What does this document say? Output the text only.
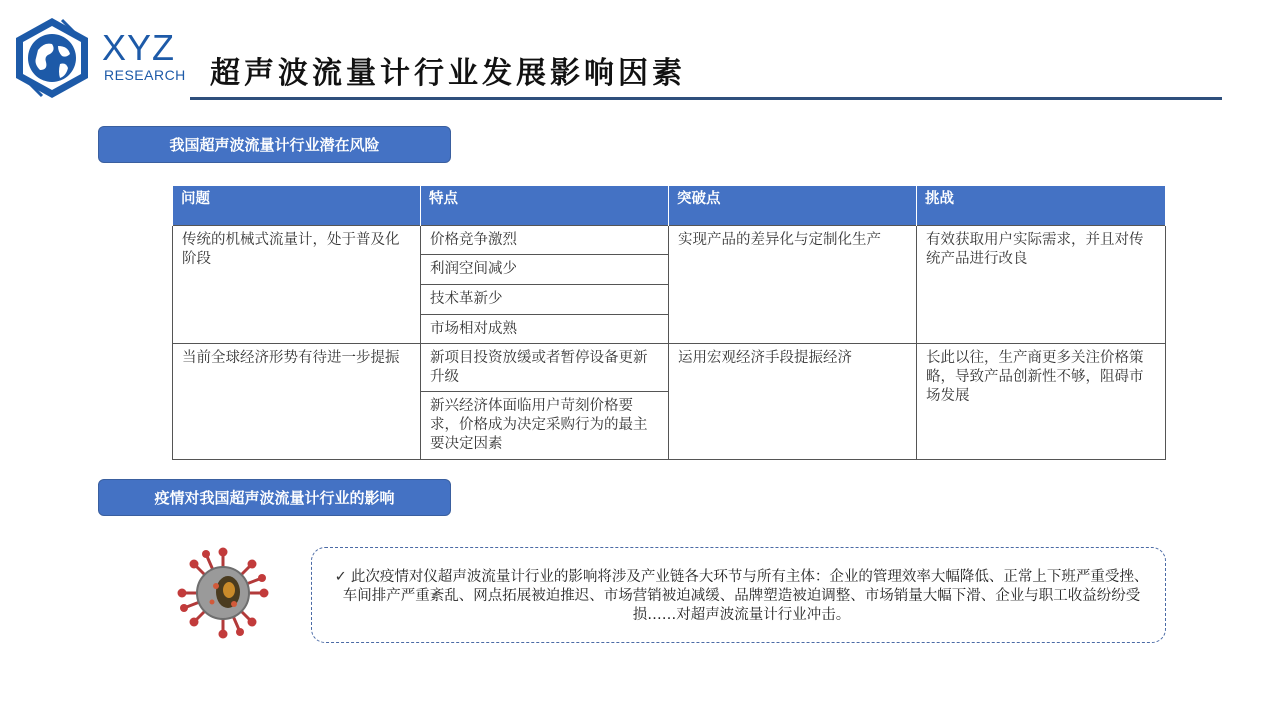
XYZ
RESEARCH 超声波流量计行业发展影响因素
我国超声波流量计行业潜在风险
问题	特点	突破点	挑战
传统的机械式流量计，处于普及化阶段	价格竞争激烈	实现产品的差异化与定制化生产	有效获取用户实际需求，并且对传统产品进行改良
	利润空间减少		
	技术革新少		
	市场相对成熟		
当前全球经济形势有待进一步提振	新项目投资放缓或者暂停设备更新升级	运用宏观经济手段提振经济	长此以往，生产商更多关注价格策略，导致产品创新性不够，阻碍市场发展
	新兴经济体面临用户苛刻价格要求，价格成为决定采购行为的最主要决定因素		
疫情对我国超声波流量计行业的影响
✓ 此次疫情对仪超声波流量计行业的影响将涉及产业链各大环节与所有主体：企业的管理效率大幅降低、正常上下班严重受挫、车间排产严重紊乱、网点拓展被迫推迟、市场营销被迫减缓、品牌塑造被迫调整、市场销量大幅下滑、企业与职工收益纷纷受损……对超声波流量计行业冲击。
